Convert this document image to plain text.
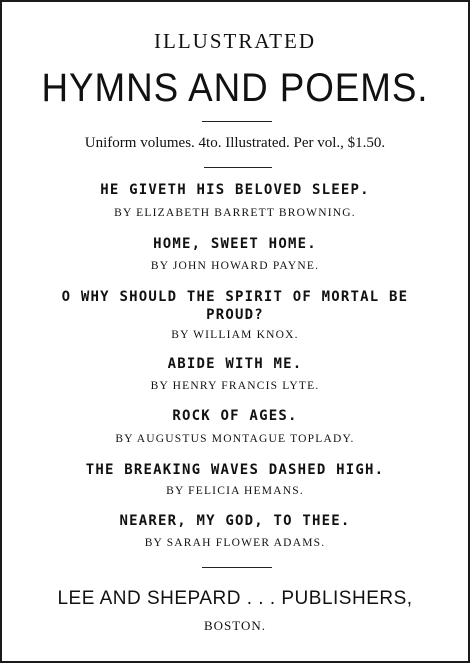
ILLUSTRATED
HYMNS AND POEMS.
Uniform volumes. 4to. Illustrated. Per vol., $1.50.
HE GIVETH HIS BELOVED SLEEP.
BY ELIZABETH BARRETT BROWNING.
HOME, SWEET HOME.
BY JOHN HOWARD PAYNE.
O WHY SHOULD THE SPIRIT OF MORTAL BE PROUD?
BY WILLIAM KNOX.
ABIDE WITH ME.
BY HENRY FRANCIS LYTE.
ROCK OF AGES.
BY AUGUSTUS MONTAGUE TOPLADY.
THE BREAKING WAVES DASHED HIGH.
BY FELICIA HEMANS.
NEARER, MY GOD, TO THEE.
BY SARAH FLOWER ADAMS.
LEE AND SHEPARD . . . PUBLISHERS,
BOSTON.
